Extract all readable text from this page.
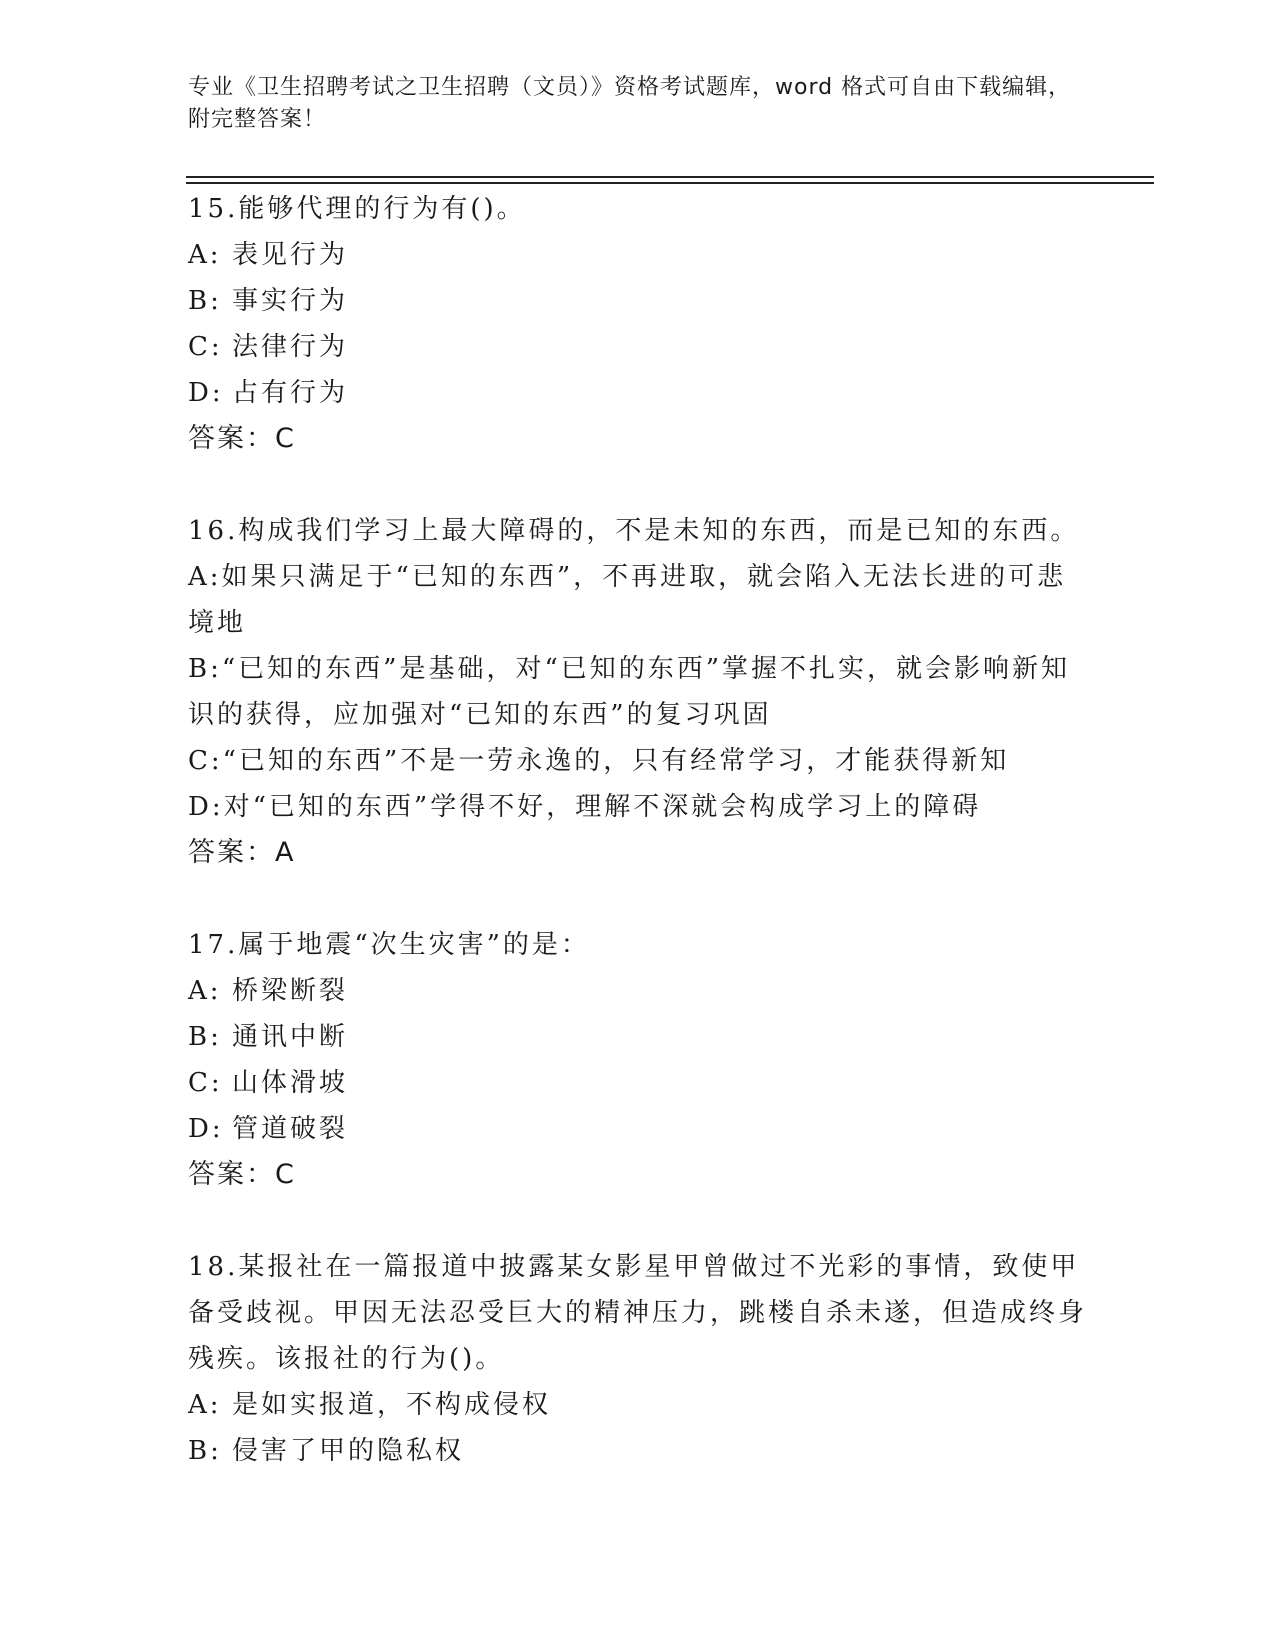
专业《卫生招聘考试之卫生招聘（文员）》资格考试题库，word 格式可自由下载编辑，附完整答案！
15.能够代理的行为有()。
A: 表见行为
B: 事实行为
C: 法律行为
D: 占有行为
答案：C
16.构成我们学习上最大障碍的，不是未知的东西，而是已知的东西。
A:如果只满足于“已知的东西”，不再进取，就会陷入无法长进的可悲境地
B:“已知的东西”是基础，对“已知的东西”掌握不扎实，就会影响新知识的获得，应加强对“已知的东西”的复习巩固
C:“已知的东西”不是一劳永逸的，只有经常学习，才能获得新知
D:对“已知的东西”学得不好，理解不深就会构成学习上的障碍
答案：A
17.属于地震“次生灾害”的是：
A: 桥梁断裂
B: 通讯中断
C: 山体滑坡
D: 管道破裂
答案：C
18.某报社在一篇报道中披露某女影星甲曾做过不光彩的事情，致使甲备受歧视。甲因无法忍受巨大的精神压力，跳楼自杀未遂，但造成终身残疾。该报社的行为()。
A: 是如实报道，不构成侵权
B: 侵害了甲的隐私权
